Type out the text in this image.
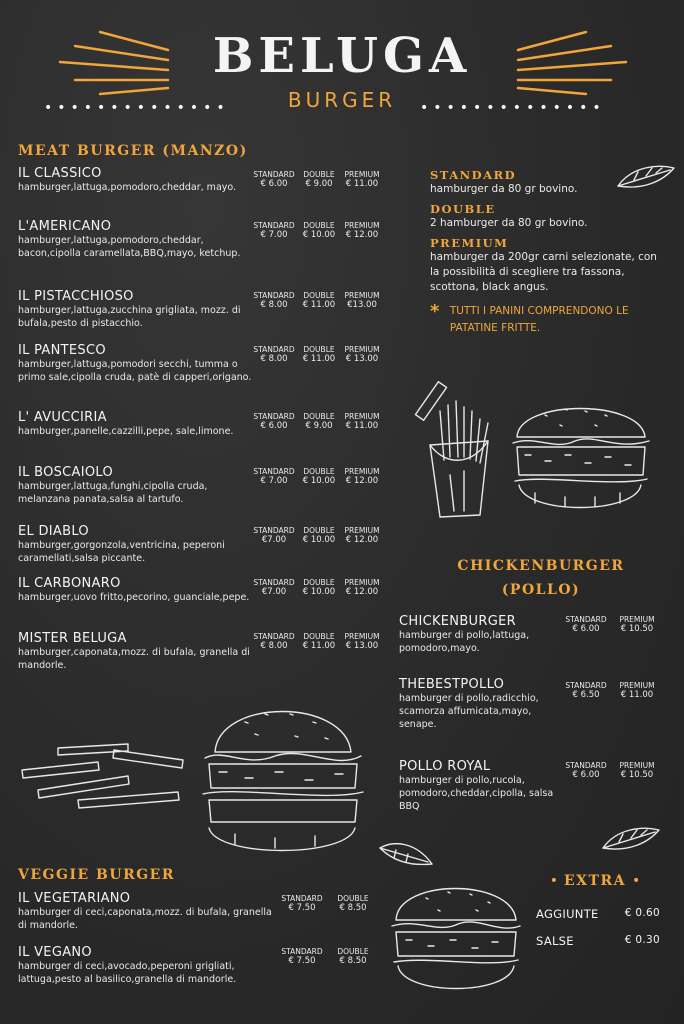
BELUGA
••••••••••••••	BURGER	••••••••••••••
MEAT BURGER (MANZO)
IL CLASSICO
hamburger,lattuga,pomodoro,cheddar, mayo.
STANDARD	DOUBLE	PREMIUM
€ 6.00	€ 9.00	€ 11.00
L'AMERICANO
hamburger,lattuga,pomodoro,cheddar, bacon,cipolla caramellata,BBQ,mayo, ketchup.
STANDARD	DOUBLE	PREMIUM
€ 7.00	€ 10.00	€ 12.00
IL PISTACCHIOSO
hamburger,lattuga,zucchina grigliata, mozz. di bufala,pesto di pistacchio.
STANDARD	DOUBLE	PREMIUM
€ 8.00	€ 11.00	€13.00
IL PANTESCO
hamburger,lattuga,pomodori secchi, tumma o primo sale,cipolla cruda, patè di capperi,origano.
STANDARD	DOUBLE	PREMIUM
€ 8.00	€ 11.00	€ 13.00
L' AVUCCIRIA
hamburger,panelle,cazzilli,pepe, sale,limone.
STANDARD	DOUBLE	PREMIUM
€ 6.00	€ 9.00	€ 11.00
IL BOSCAIOLO
hamburger,lattuga,funghi,cipolla cruda, melanzana panata,salsa al tartufo.
STANDARD	DOUBLE	PREMIUM
€ 7.00	€ 10.00	€ 12.00
EL DIABLO
hamburger,gorgonzola,ventricina, peperoni caramellati,salsa piccante.
STANDARD	DOUBLE	PREMIUM
€7.00	€ 10.00	€ 12.00
IL CARBONARO
hamburger,uovo fritto,pecorino, guanciale,pepe.
STANDARD	DOUBLE	PREMIUM
€7.00	€ 10.00	€ 12.00
MISTER BELUGA
hamburger,caponata,mozz. di bufala, granella di mandorle.
STANDARD	DOUBLE	PREMIUM
€ 8.00	€ 11.00	€ 13.00
STANDARD
hamburger da 80 gr bovino.
DOUBLE
2 hamburger da 80 gr bovino.
PREMIUM
hamburger da 200gr carni selezionate, con la possibilità di scegliere tra fassona, scottona, black angus.
* TUTTI I PANINI COMPRENDONO LE PATATINE FRITTE.
CHICKENBURGER
(POLLO)
CHICKENBURGER
hamburger di pollo,lattuga, pomodoro,mayo.
STANDARD	PREMIUM
€ 6.00	€ 10.50
THEBESTPOLLO
hamburger di pollo,radicchio, scamorza affumicata,mayo, senape.
STANDARD	PREMIUM
€ 6.50	€ 11.00
POLLO ROYAL
hamburger di pollo,rucola, pomodoro,cheddar,cipolla, salsa BBQ
STANDARD	PREMIUM
€ 6.00	€ 10.50
VEGGIE BURGER
IL VEGETARIANO
hamburger di ceci,caponata,mozz. di bufala, granella di mandorle.
STANDARD	DOUBLE
€ 7.50	€ 8.50
IL VEGANO
hamburger di ceci,avocado,peperoni grigliati, lattuga,pesto al basilico,granella di mandorle.
STANDARD	DOUBLE
€ 7.50	€ 8.50
• EXTRA •
AGGIUNTE € 0.60
SALSE	€ 0.30
